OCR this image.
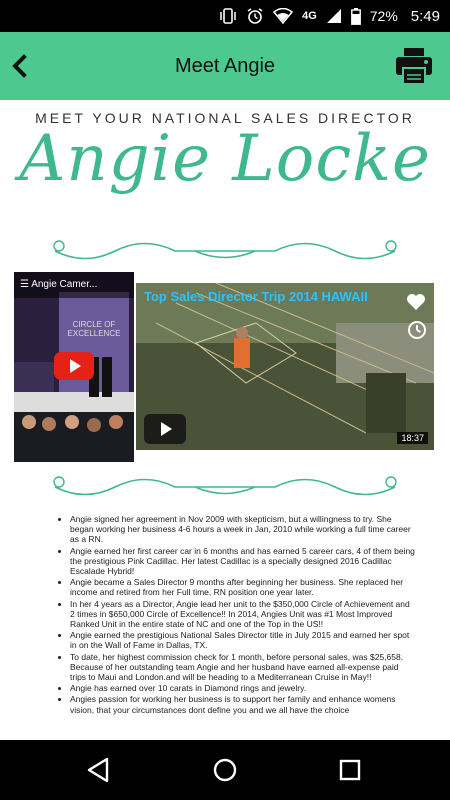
4G	72% 5:49
Meet Angie
MEET YOUR NATIONAL SALES DIRECTOR
Angie Locke
☰ Angie Camer...
CIRCLE OF EXCELLENCE
Top Sales Director Trip 2014 HAWAII
18:37
• Angie signed her agreement in Nov 2009 with skepticism, but a willingness to try. She began working her business 4-6 hours a week in Jan, 2010 while working a full time career as a RN.
• Angie earned her first career car in 6 months and has earned 5 career cars, 4 of them being the prestigious Pink Cadillac. Her latest Cadillac is a specially designed 2016 Cadillac Escalade Hybrid!
• Angie became a Sales Director 9 months after beginning her business. She replaced her income and retired from her Full time, RN position one year later.
• In her 4 years as a Director, Angie lead her unit to the $350,000 Circle of Achievement and 2 times in $650,000 Circle of Excellence!! In 2014, Angies Unit was #1 Most Improved Ranked Unit in the entire state of NC and one of the Top in the US!!
• Angie earned the prestigious National Sales Director title in July 2015 and earned her spot in on the Wall of Fame in Dallas, TX.
• To date, her highest commission check for 1 month, before personal sales, was $25,658. Because of her outstanding team Angie and her husband have earned all-expense paid trips to Maui and London.and will be heading to a Mediterranean Cruise in May!!
• Angie has earned over 10 carats in Diamond rings and jewelry.
• Angies passion for working her business is to support her family and enhance womens vision, that your circumstances dont define you and we all have the choice
